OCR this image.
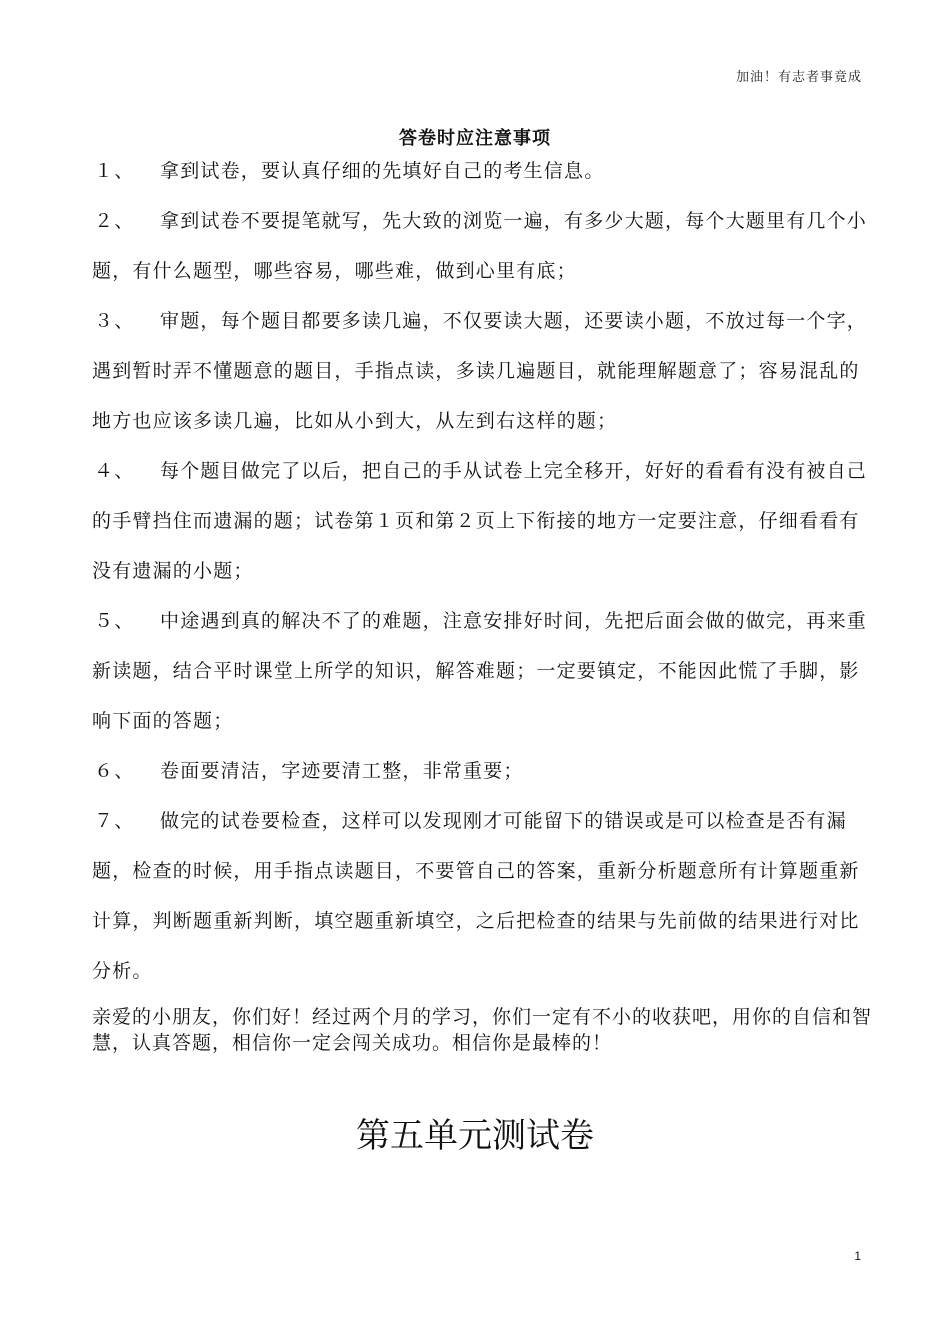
加油！有志者事竟成
答卷时应注意事项
１、 拿到试卷，要认真仔细的先填好自己的考生信息。
２、 拿到试卷不要提笔就写，先大致的浏览一遍，有多少大题，每个大题里有几个小题，有什么题型，哪些容易，哪些难，做到心里有底；
３、 审题，每个题目都要多读几遍，不仅要读大题，还要读小题，不放过每一个字，遇到暂时弄不懂题意的题目，手指点读，多读几遍题目，就能理解题意了；容易混乱的地方也应该多读几遍，比如从小到大，从左到右这样的题；
４、 每个题目做完了以后，把自己的手从试卷上完全移开，好好的看看有没有被自己的手臂挡住而遗漏的题；试卷第１页和第２页上下衔接的地方一定要注意，仔细看看有没有遗漏的小题；
５、 中途遇到真的解决不了的难题，注意安排好时间，先把后面会做的做完，再来重新读题，结合平时课堂上所学的知识，解答难题；一定要镇定，不能因此慌了手脚，影响下面的答题；
６、 卷面要清洁，字迹要清工整，非常重要；
７、 做完的试卷要检查，这样可以发现刚才可能留下的错误或是可以检查是否有漏题，检查的时候，用手指点读题目，不要管自己的答案，重新分析题意所有计算题重新计算，判断题重新判断，填空题重新填空，之后把检查的结果与先前做的结果进行对比分析。
亲爱的小朋友，你们好！经过两个月的学习，你们一定有不小的收获吧，用你的自信和智慧，认真答题，相信你一定会闯关成功。相信你是最棒的！
第五单元测试卷
1
